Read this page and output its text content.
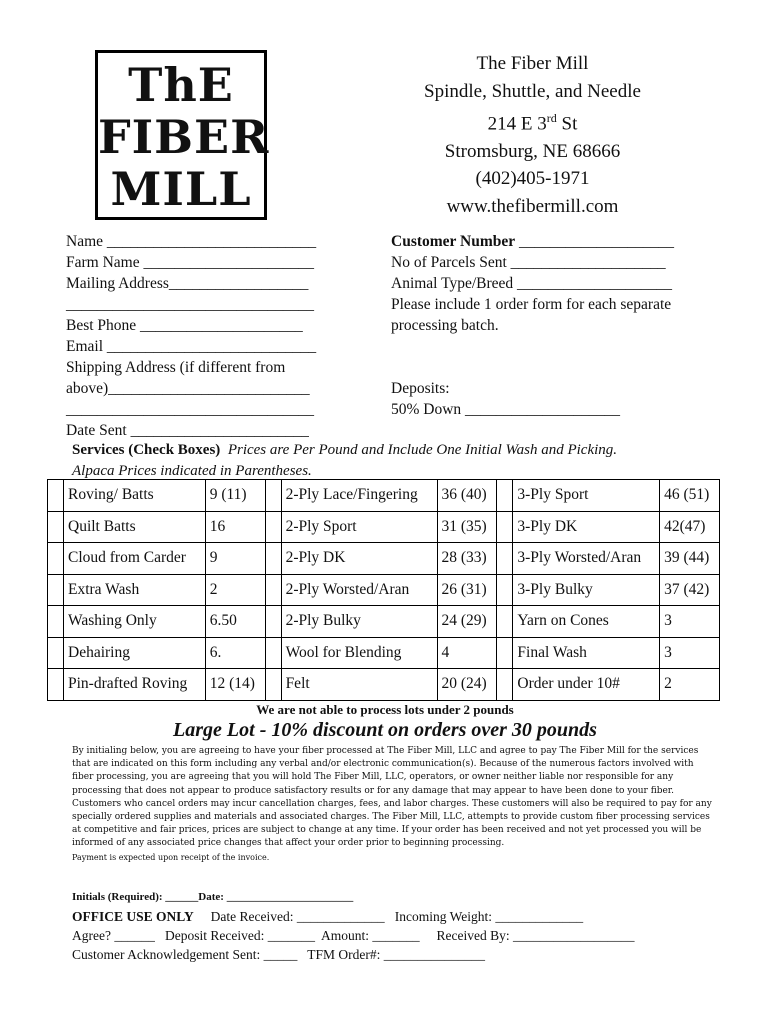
ThE
FIBER
MILL
The Fiber Mill
Spindle, Shuttle, and Needle
214 E 3rd St
Stromsburg, NE 68666
(402)405-1971
www.thefibermill.com
Name ___________________________
Farm Name ______________________
Mailing Address__________________
________________________________
Best Phone _____________________
Email ___________________________
Shipping Address (if different from
above)__________________________
________________________________
Date Sent _______________________
Customer Number ____________________
No of Parcels Sent ____________________
Animal Type/Breed ____________________
Please include 1 order form for each separate
processing batch.
Deposits:
50% Down ____________________
Services (Check Boxes) Prices are Per Pound and Include One Initial Wash and Picking.
Alpaca Prices indicated in Parentheses.
	Roving/ Batts	9 (11)		2-Ply Lace/Fingering	36 (40)		3-Ply Sport	46 (51)
	Quilt Batts	16		2-Ply Sport	31 (35)		3-Ply DK	42(47)
	Cloud from Carder	9		2-Ply DK	28 (33)		3-Ply Worsted/Aran	39 (44)
	Extra Wash	2		2-Ply Worsted/Aran	26 (31)		3-Ply Bulky	37 (42)
	Washing Only	6.50		2-Ply Bulky	24 (29)		Yarn on Cones	3
	Dehairing	6.		Wool for Blending	4		Final Wash	3
	Pin-drafted Roving	12 (14)		Felt	20 (24)		Order under 10#	2
We are not able to process lots under 2 pounds
Large Lot - 10% discount on orders over 30 pounds
By initialing below, you are agreeing to have your fiber processed at The Fiber Mill, LLC and agree to pay The Fiber Mill for the services that are indicated on this form including any verbal and/or electronic communication(s). Because of the numerous factors involved with fiber processing, you are agreeing that you will hold The Fiber Mill, LLC, operators, or owner neither liable nor responsible for any processing that does not appear to produce satisfactory results or for any damage that may appear to have been done to your fiber. Customers who cancel orders may incur cancellation charges, fees, and labor charges. These customers will also be required to pay for any specially ordered supplies and materials and associated charges. The Fiber Mill, LLC, attempts to provide custom fiber processing services at competitive and fair prices, prices are subject to change at any time. If your order has been received and not yet processed you will be informed of any associated price changes that affect your order prior to beginning processing.
Payment is expected upon receipt of the invoice.
Initials (Required): ______Date: _______________________
OFFICE USE ONLY Date Received: _____________ Incoming Weight: _____________
Agree? ______ Deposit Received: _______ Amount: _______ Received By: __________________
Customer Acknowledgement Sent: _____ TFM Order#: _______________
